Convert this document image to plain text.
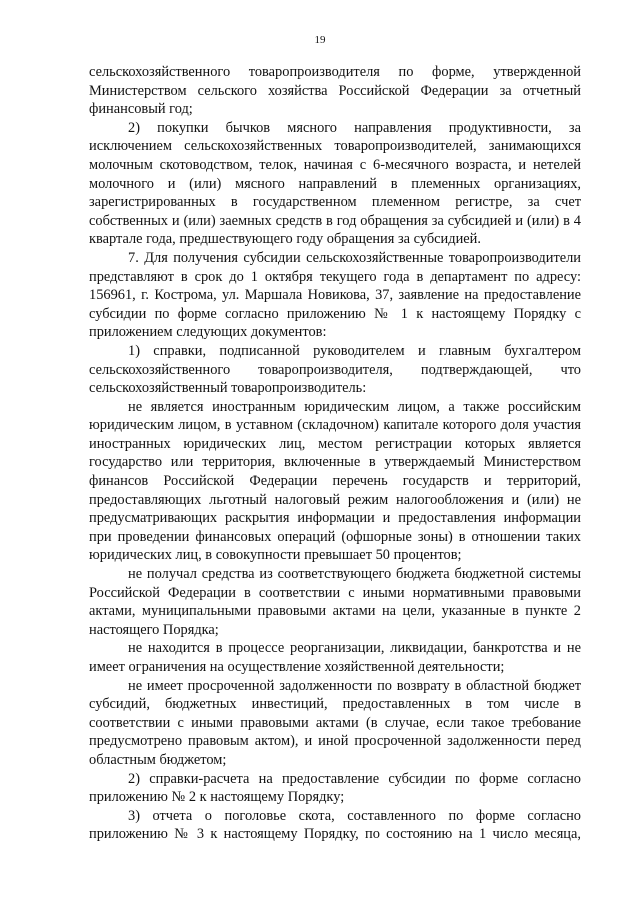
19

сельскохозяйственного товаропроизводителя по форме, утвержденной Министерством сельского хозяйства Российской Федерации за отчетный финансовый год;

2) покупки бычков мясного направления продуктивности, за исключением сельскохозяйственных товаропроизводителей, занимающихся молочным скотоводством, телок, начиная с 6-месячного возраста, и нетелей молочного и (или) мясного направлений в племенных организациях, зарегистрированных в государственном племенном регистре, за счет собственных и (или) заемных средств в год обращения за субсидией и (или) в 4 квартале года, предшествующего году обращения за субсидией.

7. Для получения субсидии сельскохозяйственные товаропроизводители представляют в срок до 1 октября текущего года в департамент по адресу: 156961, г. Кострома, ул. Маршала Новикова, 37, заявление на предоставление субсидии по форме согласно приложению № 1 к настоящему Порядку с приложением следующих документов:

1) справки, подписанной руководителем и главным бухгалтером сельскохозяйственного товаропроизводителя, подтверждающей, что сельскохозяйственный товаропроизводитель:

не является иностранным юридическим лицом, а также российским юридическим лицом, в уставном (складочном) капитале которого доля участия иностранных юридических лиц, местом регистрации которых является государство или территория, включенные в утверждаемый Министерством финансов Российской Федерации перечень государств и территорий, предоставляющих льготный налоговый режим налогообложения и (или) не предусматривающих раскрытия информации и предоставления информации при проведении финансовых операций (офшорные зоны) в отношении таких юридических лиц, в совокупности превышает 50 процентов;

не получал средства из соответствующего бюджета бюджетной системы Российской Федерации в соответствии с иными нормативными правовыми актами, муниципальными правовыми актами на цели, указанные в пункте 2 настоящего Порядка;

не находится в процессе реорганизации, ликвидации, банкротства и не имеет ограничения на осуществление хозяйственной деятельности;

не имеет просроченной задолженности по возврату в областной бюджет субсидий, бюджетных инвестиций, предоставленных в том числе в соответствии с иными правовыми актами (в случае, если такое требование предусмотрено правовым актом), и иной просроченной задолженности перед областным бюджетом;

2) справки-расчета на предоставление субсидии по форме согласно приложению № 2 к настоящему Порядку;

3) отчета о поголовье скота, составленного по форме согласно приложению № 3 к настоящему Порядку, по состоянию на 1 число месяца,
